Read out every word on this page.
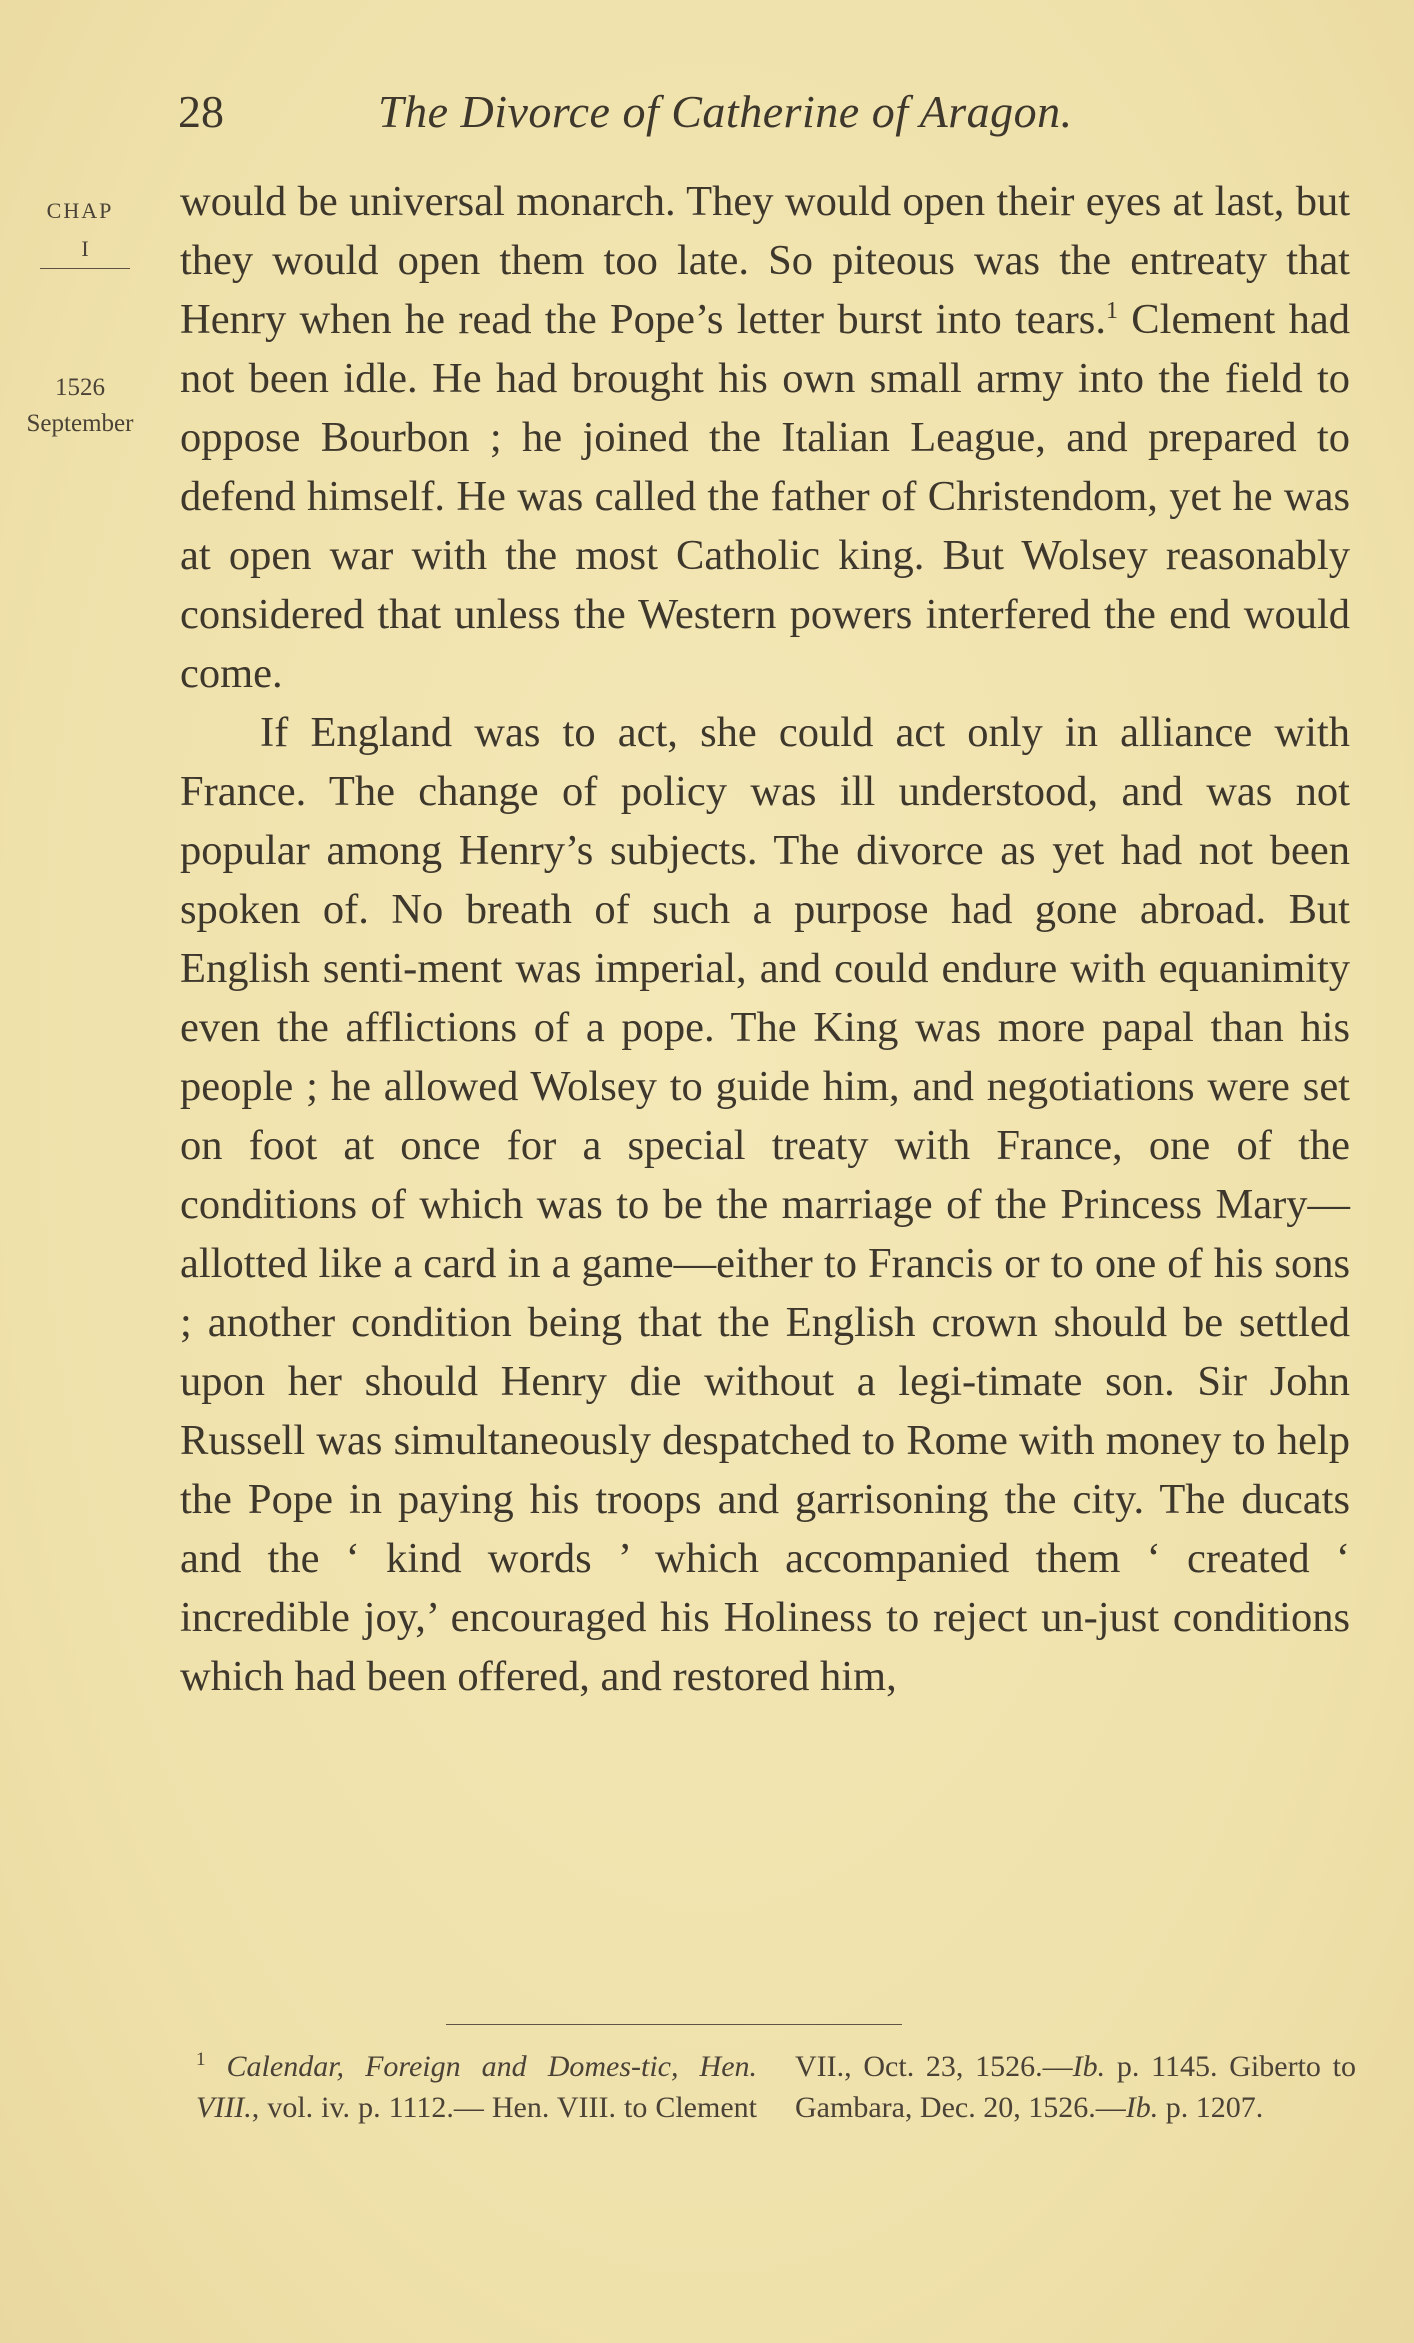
28	The Divorce of Catherine of Aragon.
CHAP
I
1526
September

would be universal monarch. They would open their eyes at last, but they would open them too late. So piteous was the entreaty that Henry when he read the Pope’s letter burst into tears.$^1$ Clement had not been idle. He had brought his own small army into the field to oppose Bourbon ; he joined the Italian League, and prepared to defend himself. He was called the father of Christendom, yet he was at open war with the most Catholic king. But Wolsey reasonably considered that unless the Western powers interfered the end would come.

If England was to act, she could act only in alliance with France. The change of policy was ill understood, and was not popular among Henry’s subjects. The divorce as yet had not been spoken of. No breath of such a purpose had gone abroad. But English senti-ment was imperial, and could endure with equanimity even the afflictions of a pope. The King was more papal than his people ; he allowed Wolsey to guide him, and negotiations were set on foot at once for a special treaty with France, one of the conditions of which was to be the marriage of the Princess Mary—allotted like a card in a game—either to Francis or to one of his sons ; another condition being that the English crown should be settled upon her should Henry die without a legi-timate son. Sir John Russell was simultaneously despatched to Rome with money to help the Pope in paying his troops and garrisoning the city. The ducats and the ‘ kind words ’ which accompanied them ‘ created ‘ incredible joy,’ encouraged his Holiness to reject un-just conditions which had been offered, and restored him,

$^1$ Calendar, Foreign and Domes-tic, Hen. VIII., vol. iv. p. 1112.— Hen. VIII. to Clement VII., Oct. 23, 1526.—Ib. p. 1145. Giberto to Gambara, Dec. 20, 1526.—Ib. p. 1207.
